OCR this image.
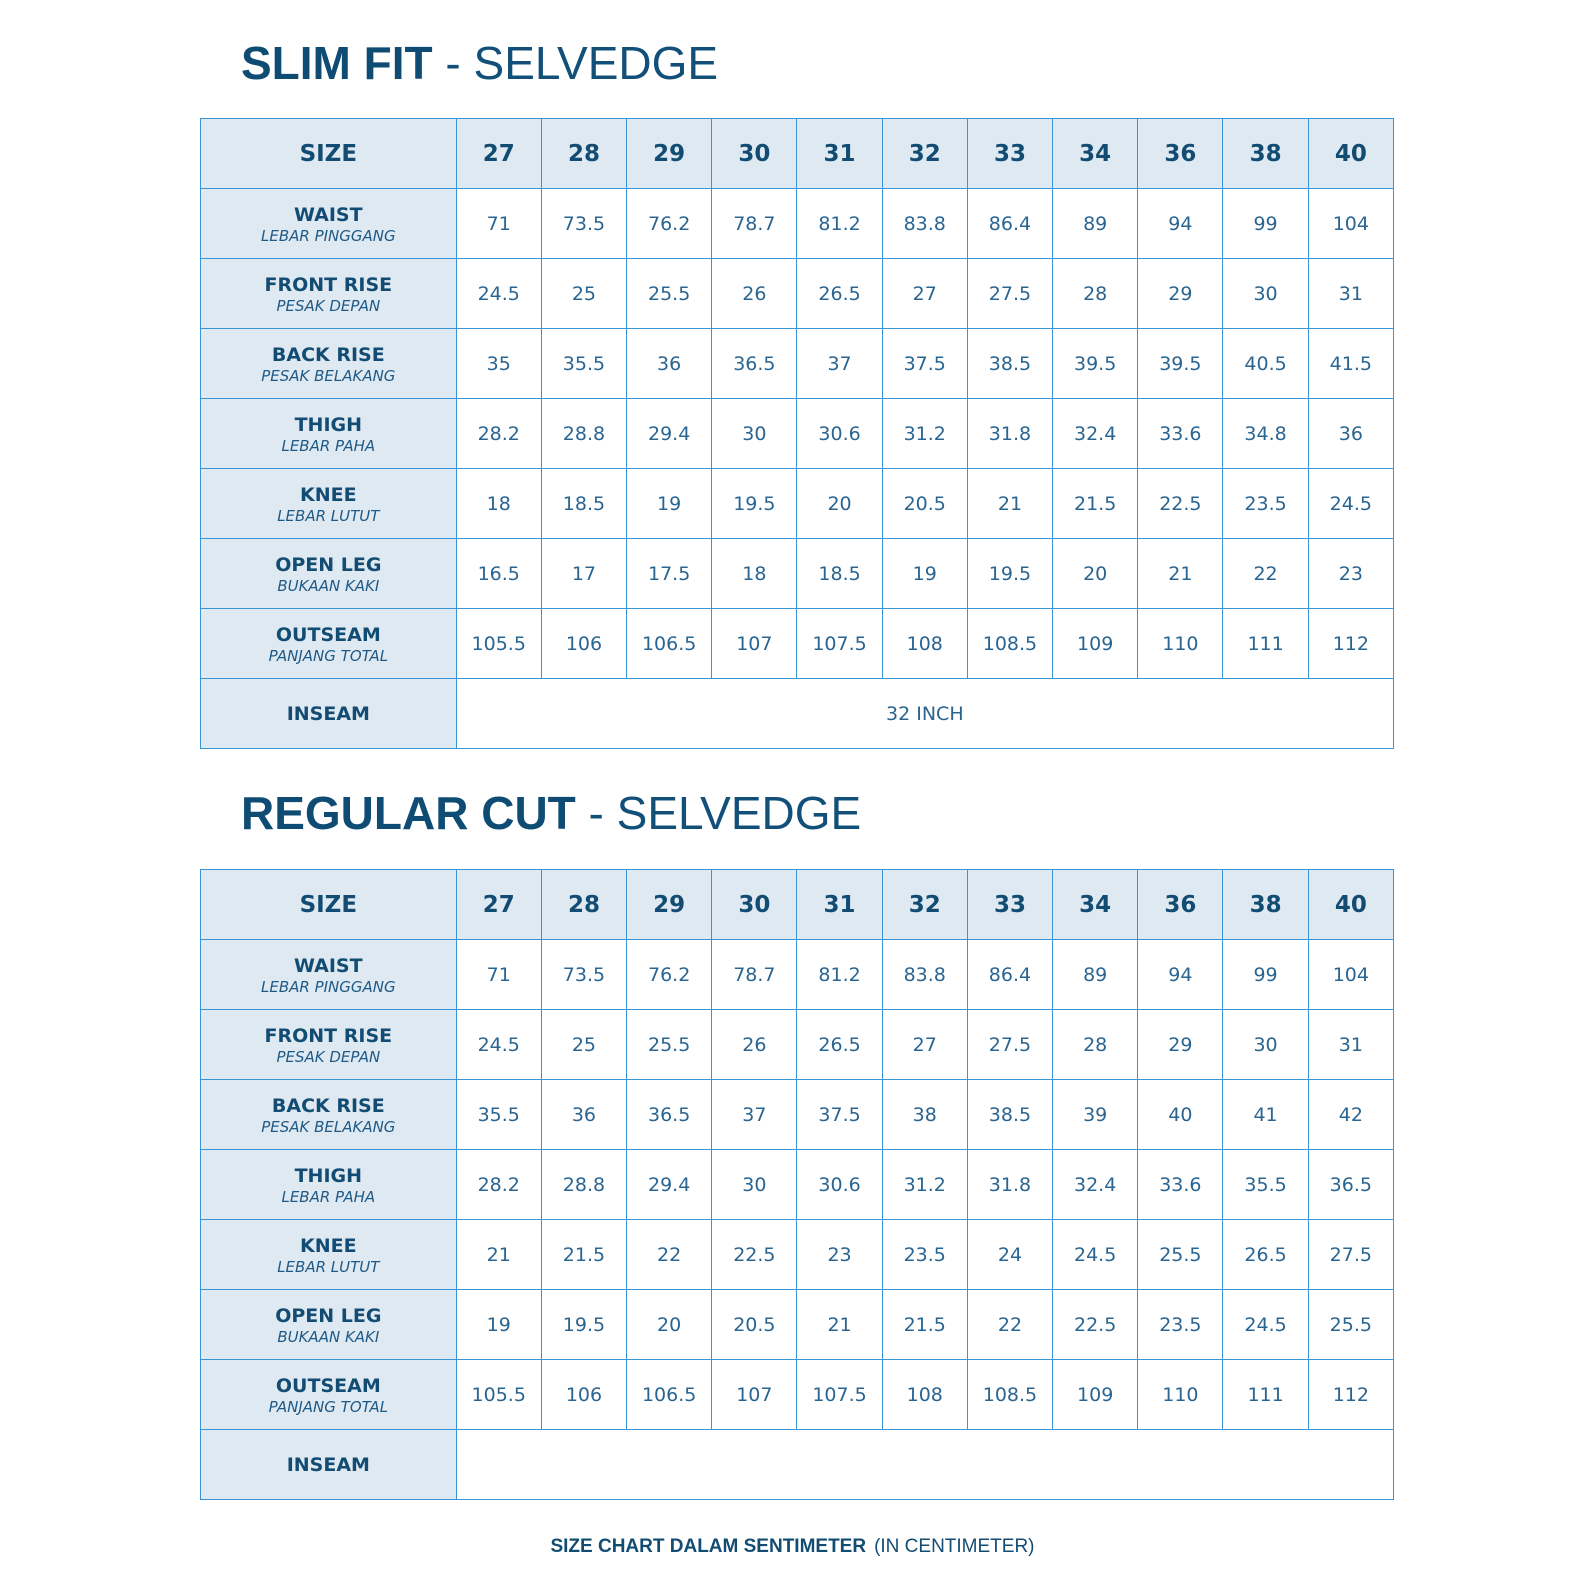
SLIM FIT - SELVEDGE
SIZE	27	28	29	30	31	32	33	34	36	38	40

WAIST
LEBAR PINGGANG	71	73.5	76.2	78.7	81.2	83.8	86.4	89	94	99	104

FRONT RISE
PESAK DEPAN	24.5	25	25.5	26	26.5	27	27.5	28	29	30	31

BACK RISE
PESAK BELAKANG	35	35.5	36	36.5	37	37.5	38.5	39.5	39.5	40.5	41.5

THIGH
LEBAR PAHA	28.2	28.8	29.4	30	30.6	31.2	31.8	32.4	33.6	34.8	36

KNEE
LEBAR LUTUT	18	18.5	19	19.5	20	20.5	21	21.5	22.5	23.5	24.5

OPEN LEG
BUKAAN KAKI	16.5	17	17.5	18	18.5	19	19.5	20	21	22	23

OUTSEAM
PANJANG TOTAL	105.5	106	106.5	107	107.5	108	108.5	109	110	111	112

INSEAM	32 INCH										
REGULAR CUT - SELVEDGE
SIZE	27	28	29	30	31	32	33	34	36	38	40

WAIST
LEBAR PINGGANG	71	73.5	76.2	78.7	81.2	83.8	86.4	89	94	99	104

FRONT RISE
PESAK DEPAN	24.5	25	25.5	26	26.5	27	27.5	28	29	30	31

BACK RISE
PESAK BELAKANG	35.5	36	36.5	37	37.5	38	38.5	39	40	41	42

THIGH
LEBAR PAHA	28.2	28.8	29.4	30	30.6	31.2	31.8	32.4	33.6	35.5	36.5

KNEE
LEBAR LUTUT	21	21.5	22	22.5	23	23.5	24	24.5	25.5	26.5	27.5

OPEN LEG
BUKAAN KAKI	19	19.5	20	20.5	21	21.5	22	22.5	23.5	24.5	25.5

OUTSEAM
PANJANG TOTAL	105.5	106	106.5	107	107.5	108	108.5	109	110	111	112

INSEAM											

SIZE CHART DALAM SENTIMETER (IN CENTIMETER)
